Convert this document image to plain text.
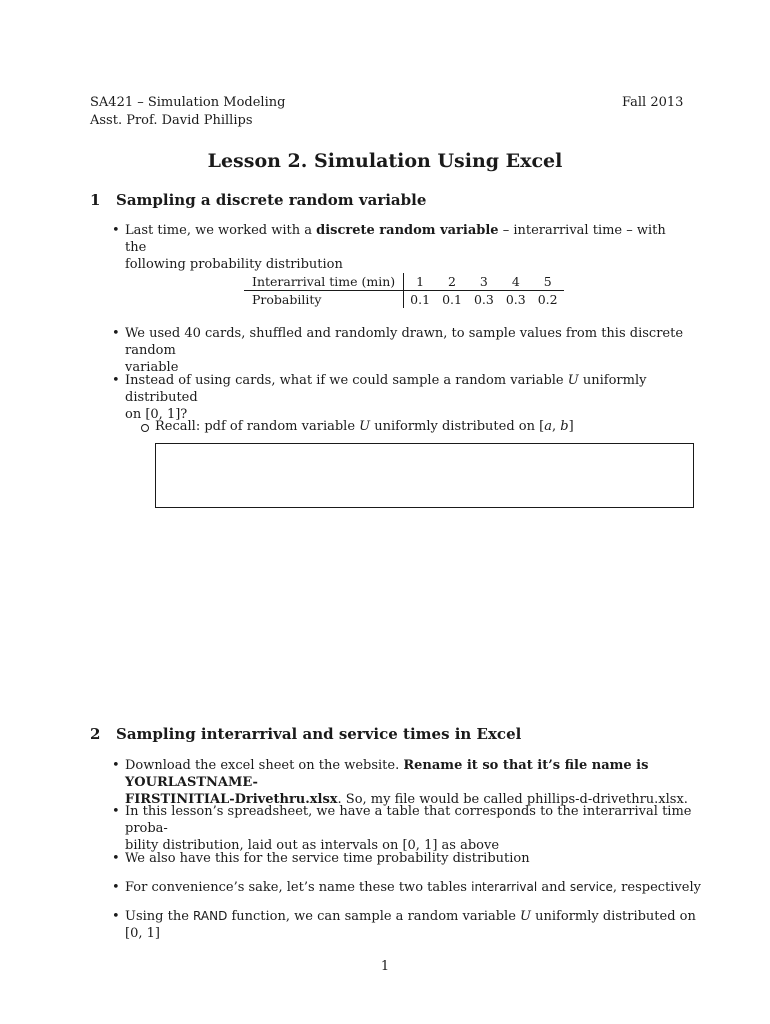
SA421 – Simulation Modeling
Asst. Prof. David Phillips
Fall 2013
Lesson 2. Simulation Using Excel
1 Sampling a discrete random variable
• Last time, we worked with a discrete random variable – interarrival time – with the
following probability distribution
Interarrival time (min)	1	2	3	4	5
Probability	0.1	0.1	0.3	0.3	0.2
• We used 40 cards, shuffled and randomly drawn, to sample values from this discrete random
variable
• Instead of using cards, what if we could sample a random variable U uniformly distributed
on [0, 1]?
Recall: pdf of random variable U uniformly distributed on [a, b]
2 Sampling interarrival and service times in Excel
• Download the excel sheet on the website. Rename it so that it’s file name is YOURLASTNAME-
FIRSTINITIAL-Drivethru.xlsx. So, my file would be called phillips-d-drivethru.xlsx.
• In this lesson’s spreadsheet, we have a table that corresponds to the interarrival time proba-
bility distribution, laid out as intervals on [0, 1] as above
• We also have this for the service time probability distribution
• For convenience’s sake, let’s name these two tables interarrival and service, respectively
• Using the RAND function, we can sample a random variable U uniformly distributed on [0, 1]
1
